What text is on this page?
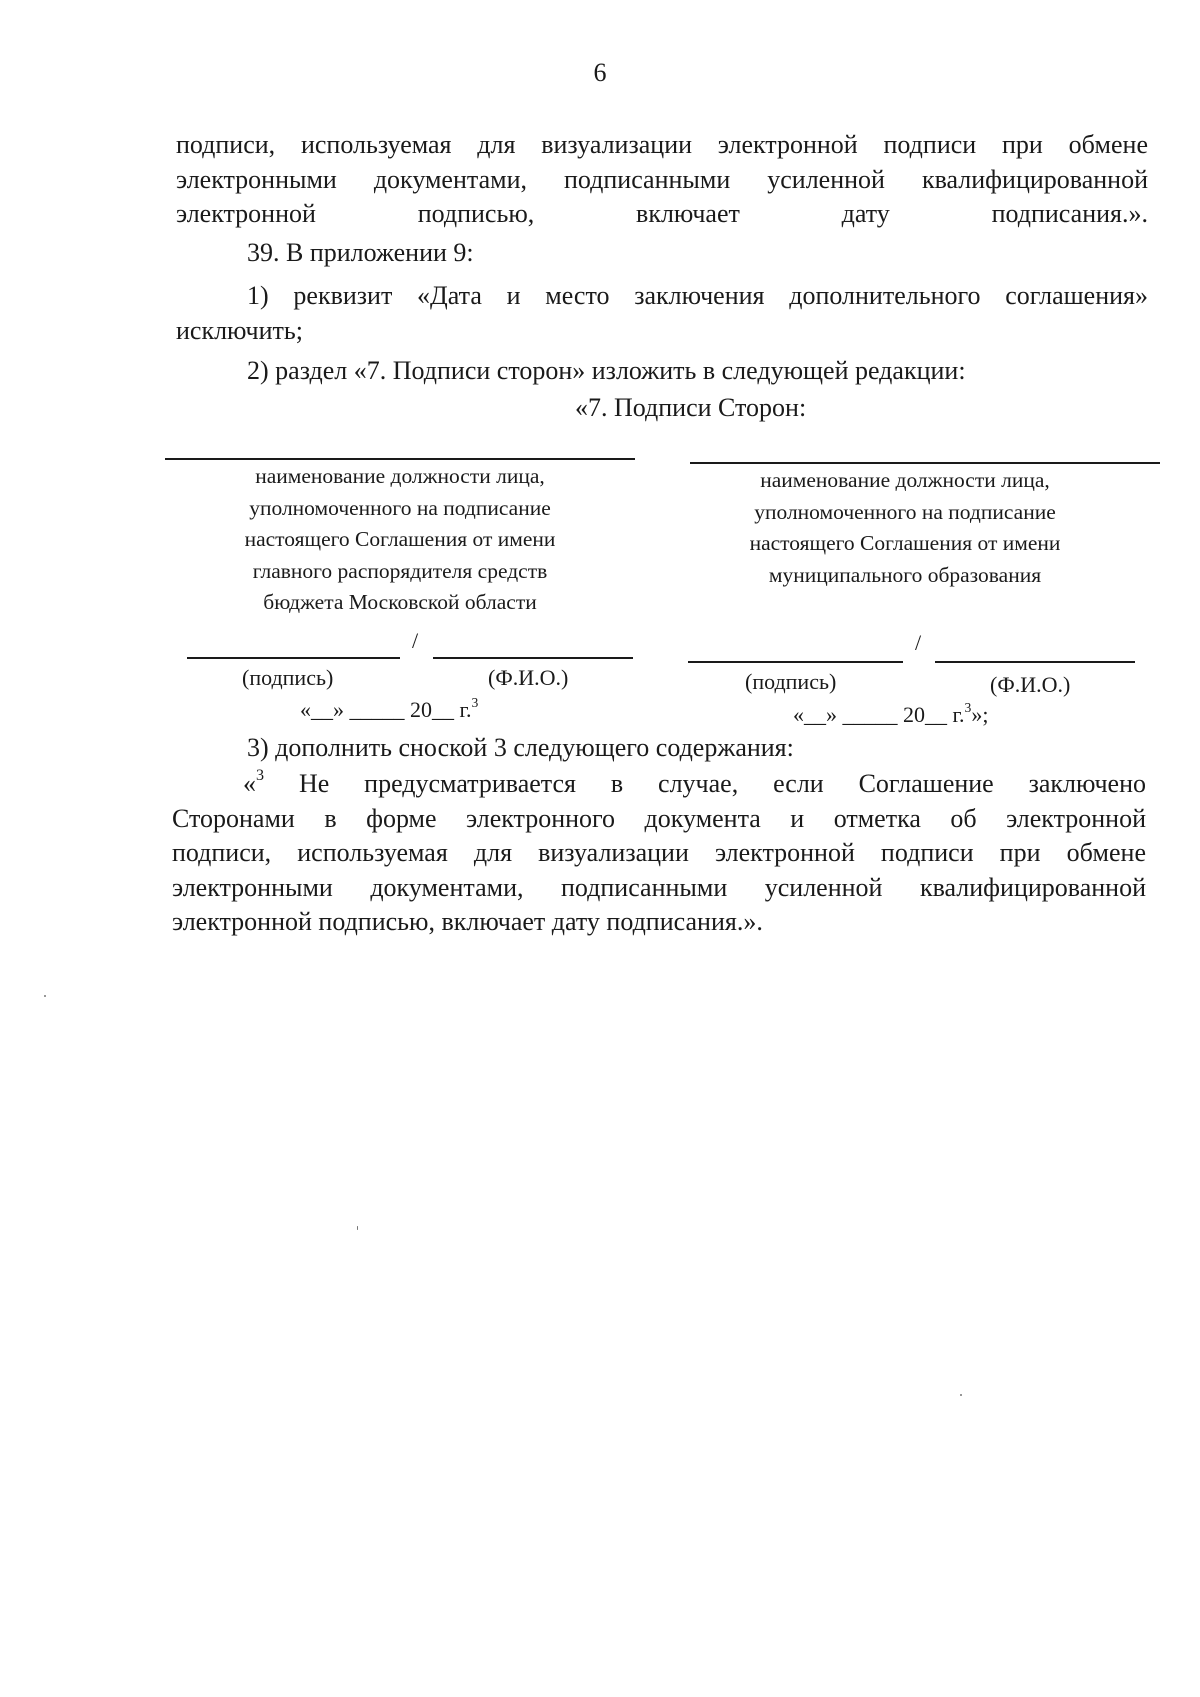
6
подписи, используемая для визуализации электронной подписи при обмене
электронными документами, подписанными усиленной квалифицированной
электронной подписью, включает дату подписания.».
39. В приложении 9:
1) реквизит «Дата и место заключения дополнительного соглашения»
исключить;
2) раздел «7. Подписи сторон» изложить в следующей редакции:
«7. Подписи Сторон:
наименование должности лица,
уполномоченного на подписание
настоящего Соглашения от имени
главного распорядителя средств
бюджета Московской области
наименование должности лица,
уполномоченного на подписание
настоящего Соглашения от имени
муниципального образования
/
(подпись)	(Ф.И.О.)
«__» _____ 20__ г.$^3$
/
(подпись)	(Ф.И.О.)
«__» _____ 20__ г.$^3$»;
3) дополнить сноской 3 следующего содержания:
«$^3$ Не предусматривается в случае, если Соглашение заключено
Сторонами в форме электронного документа и отметка об электронной
подписи, используемая для визуализации электронной подписи при обмене
электронными документами, подписанными усиленной квалифицированной
электронной подписью, включает дату подписания.».
